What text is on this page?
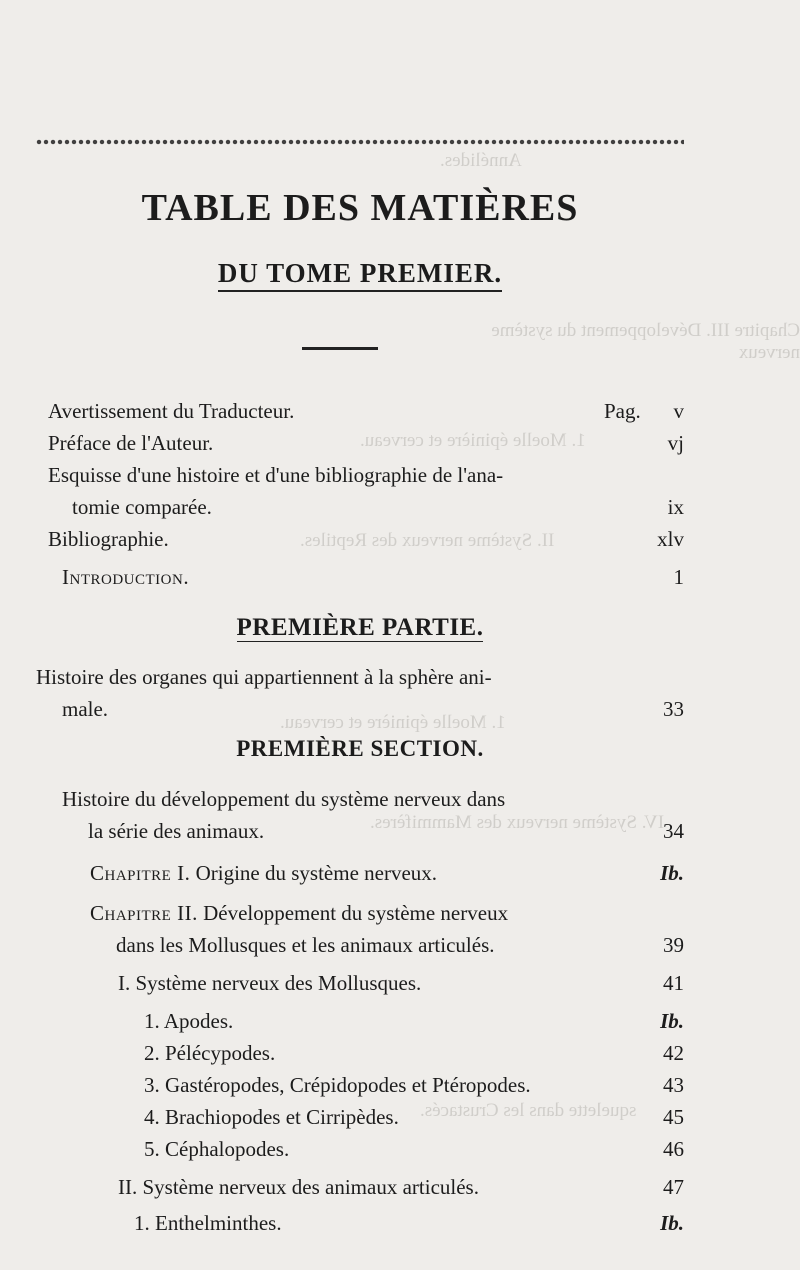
Annélides.
Chapitre III. Développement du système nerveux
1. Moelle épinière et cerveau.
II. Système nerveux des Reptiles.
1. Moelle épinière et cerveau.
IV. Système nerveux des Mammifères.
squelette dans les Crustacés.
TABLE DES MATIÈRES
DU TOME PREMIER.
Avertissement du Traducteur.	Pag.	v
Préface de l'Auteur.	vj
Esquisse d'une histoire et d'une bibliographie de l'ana-
tomie comparée.	ix
Bibliographie.	xlv
Introduction.	1
PREMIÈRE PARTIE.
Histoire des organes qui appartiennent à la sphère ani-
male.	33
PREMIÈRE SECTION.
Histoire du développement du système nerveux dans
la série des animaux.	34
Chapitre I. Origine du système nerveux.	Ib.
Chapitre II. Développement du système nerveux
dans les Mollusques et les animaux articulés.	39
I. Système nerveux des Mollusques.	41
1. Apodes.	Ib.
2. Pélécypodes.	42
3. Gastéropodes, Crépidopodes et Ptéropodes.	43
4. Brachiopodes et Cirripèdes.	45
5. Céphalopodes.	46
II. Système nerveux des animaux articulés.	47
1. Enthelminthes.	Ib.
